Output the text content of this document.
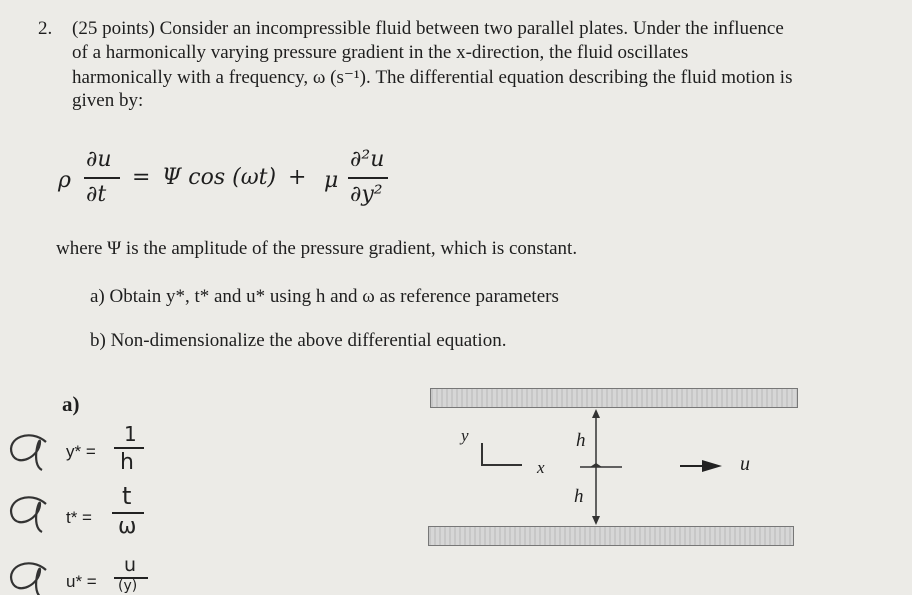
2. (25 points) Consider an incompressible fluid between two parallel plates. Under the influence
of a harmonically varying pressure gradient in the x-direction, the fluid oscillates
harmonically with a frequency, ω (s⁻¹). The differential equation describing the fluid motion is
given by:
ρ
∂u
∂t
= Ψ cos (ωt) + μ
∂²u
∂y²
where Ψ is the amplitude of the pressure gradient, which is constant.
a) Obtain y*, t* and u* using h and ω as reference parameters
b) Non-dimensionalize the above differential equation.
a)
y* =
1
h
t* =
t
ω
u* =
u
(y)
y
x
h
h
u
